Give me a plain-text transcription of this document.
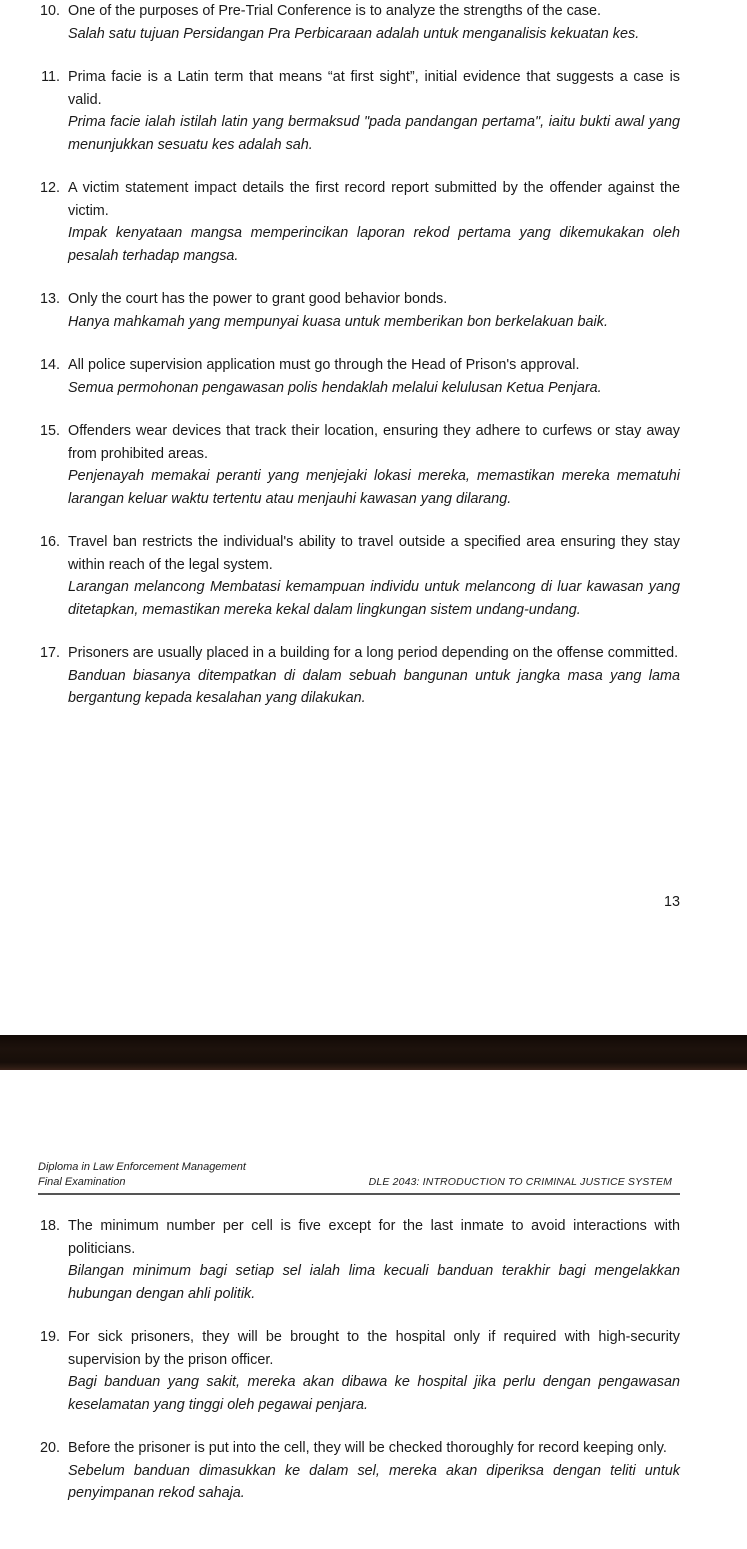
10. One of the purposes of Pre-Trial Conference is to analyze the strengths of the case.

Salah satu tujuan Persidangan Pra Perbicaraan adalah untuk menganalisis kekuatan kes.

11. Prima facie is a Latin term that means “at first sight”, initial evidence that suggests a case is valid.

Prima facie ialah istilah latin yang bermaksud "pada pandangan pertama", iaitu bukti awal yang menunjukkan sesuatu kes adalah sah.

12. A victim statement impact details the first record report submitted by the offender against the victim.

Impak kenyataan mangsa memperincikan laporan rekod pertama yang dikemukakan oleh pesalah terhadap mangsa.

13. Only the court has the power to grant good behavior bonds.

Hanya mahkamah yang mempunyai kuasa untuk memberikan bon berkelakuan baik.

14. All police supervision application must go through the Head of Prison's approval.

Semua permohonan pengawasan polis hendaklah melalui kelulusan Ketua Penjara.

15. Offenders wear devices that track their location, ensuring they adhere to curfews or stay away from prohibited areas.

Penjenayah memakai peranti yang menjejaki lokasi mereka, memastikan mereka mematuhi larangan keluar waktu tertentu atau menjauhi kawasan yang dilarang.

16. Travel ban restricts the individual's ability to travel outside a specified area ensuring they stay within reach of the legal system.

Larangan melancong Membatasi kemampuan individu untuk melancong di luar kawasan yang ditetapkan, memastikan mereka kekal dalam lingkungan sistem undang-undang.

17. Prisoners are usually placed in a building for a long period depending on the offense committed.

Banduan biasanya ditempatkan di dalam sebuah bangunan untuk jangka masa yang lama bergantung kepada kesalahan yang dilakukan.

13
Diploma in Law Enforcement Management
Final Examination	DLE 2043: INTRODUCTION TO CRIMINAL JUSTICE SYSTEM
18. The minimum number per cell is five except for the last inmate to avoid interactions with politicians.

Bilangan minimum bagi setiap sel ialah lima kecuali banduan terakhir bagi mengelakkan hubungan dengan ahli politik.

19. For sick prisoners, they will be brought to the hospital only if required with high-security supervision by the prison officer.

Bagi banduan yang sakit, mereka akan dibawa ke hospital jika perlu dengan pengawasan keselamatan yang tinggi oleh pegawai penjara.

20. Before the prisoner is put into the cell, they will be checked thoroughly for record keeping only.

Sebelum banduan dimasukkan ke dalam sel, mereka akan diperiksa dengan teliti untuk penyimpanan rekod sahaja.
